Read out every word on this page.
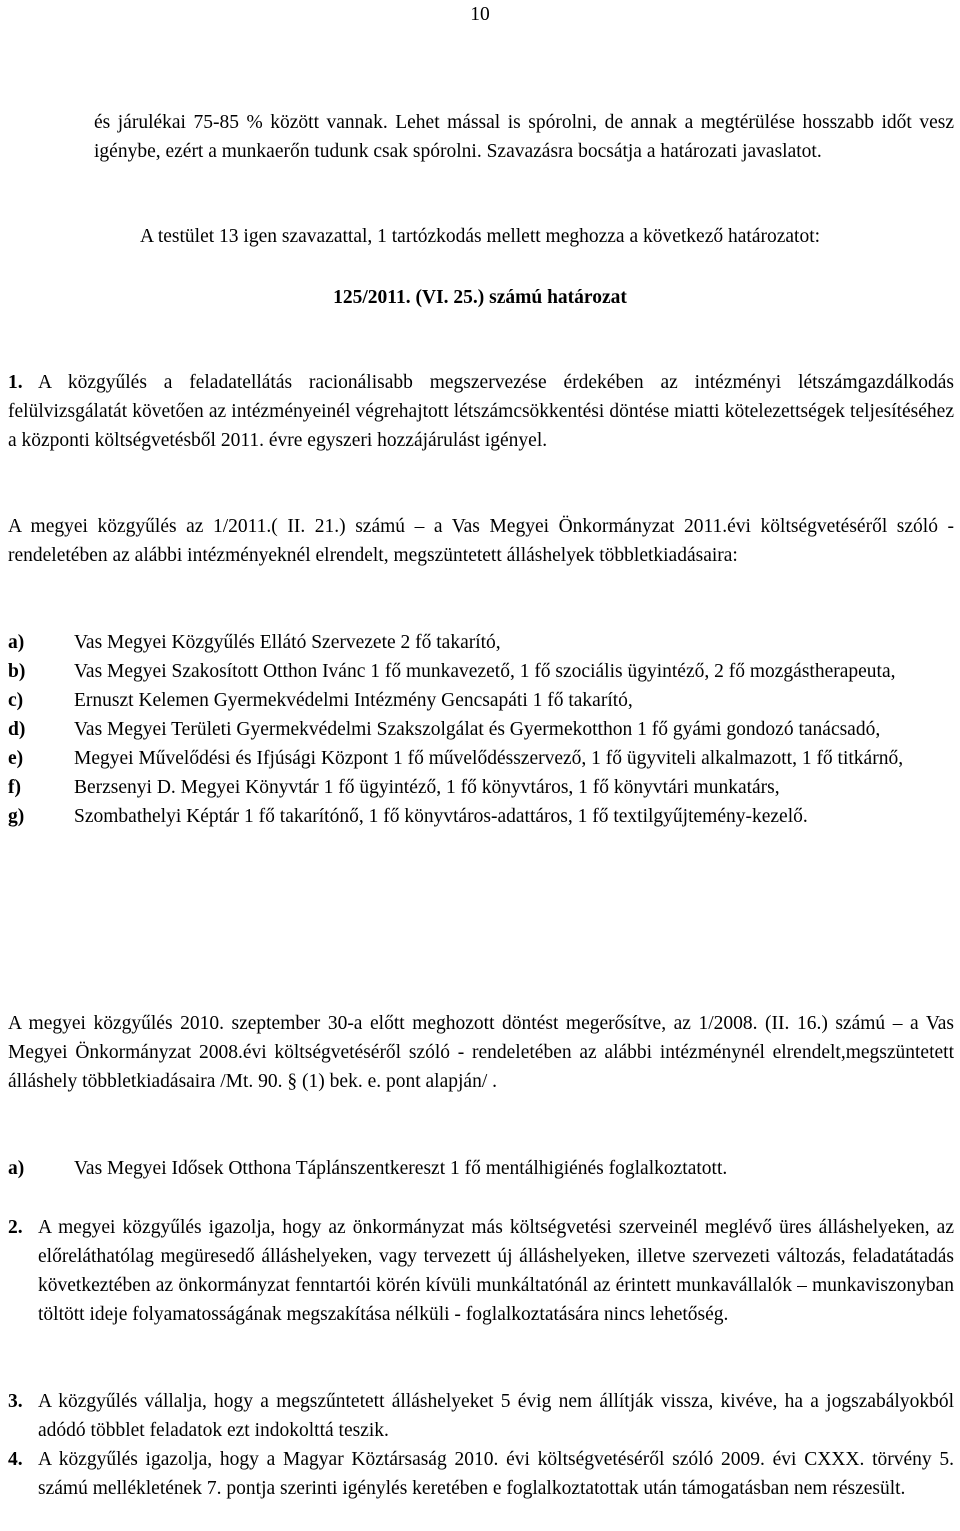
10

és járulékai 75-85 % között vannak. Lehet mással is spórolni, de annak a megtérülése hosszabb időt vesz igénybe, ezért a munkaerőn tudunk csak spórolni. Szavazásra bocsátja a határozati javaslatot.

A testület 13 igen szavazattal, 1 tartózkodás mellett meghozza a következő határozatot:
125/2011. (VI. 25.) számú határozat
1. A közgyűlés a feladatellátás racionálisabb megszervezése érdekében az intézményi létszámgazdálkodás felülvizsgálatát követően az intézményeinél végrehajtott létszámcsökkentési döntése miatti kötelezettségek teljesítéséhez a központi költségvetésből 2011. évre egyszeri hozzájárulást igényel.
A megyei közgyűlés az 1/2011.( II. 21.) számú – a Vas Megyei Önkormányzat 2011.évi költségvetéséről szóló - rendeletében az alábbi intézményeknél elrendelt, megszüntetett álláshelyek többletkiadásaira:
a)	Vas Megyei Közgyűlés Ellátó Szervezete 2 fő takarító,
b) Vas Megyei Szakosított Otthon Ivánc 1 fő munkavezető, 1 fő szociális ügyintéző, 2 fő mozgástherapeuta,
c)	Ernuszt Kelemen Gyermekvédelmi Intézmény Gencsapáti 1 fő takarító,
d) Vas Megyei Területi Gyermekvédelmi Szakszolgálat és Gyermekotthon 1 fő gyámi gondozó tanácsadó,
e)	Megyei Művelődési és Ifjúsági Központ 1 fő művelődésszervező, 1 fő ügyviteli alkalmazott, 1 fő titkárnő,
f)	Berzsenyi D. Megyei Könyvtár 1 fő ügyintéző, 1 fő könyvtáros, 1 fő könyvtári munkatárs,
g)	Szombathelyi Képtár 1 fő takarítónő, 1 fő könyvtáros-adattáros, 1 fő textilgyűjtemény-kezelő.
A megyei közgyűlés 2010. szeptember 30-a előtt meghozott döntést megerősítve, az 1/2008. (II. 16.) számú – a Vas Megyei Önkormányzat 2008.évi költségvetéséről szóló - rendeletében az alábbi intézménynél elrendelt,megszüntetett álláshely többletkiadásaira /Mt. 90. § (1) bek. e. pont alapján/ .
a)	Vas Megyei Idősek Otthona Táplánszentkereszt 1 fő mentálhigiénés foglalkoztatott.
2. A megyei közgyűlés igazolja, hogy az önkormányzat más költségvetési szerveinél meglévő üres álláshelyeken, az előreláthatólag megüresedő álláshelyeken, vagy tervezett új álláshelyeken, illetve szervezeti változás, feladatátadás következtében az önkormányzat fenntartói körén kívüli munkáltatónál az érintett munkavállalók – munkaviszonyban töltött ideje folyamatosságának megszakítása nélküli - foglalkoztatására nincs lehetőség.
3. A közgyűlés vállalja, hogy a megszűntetett álláshelyeket 5 évig nem állítják vissza, kivéve, ha a jogszabályokból adódó többlet feladatok ezt indokolttá teszik.
4. A közgyűlés igazolja, hogy a Magyar Köztársaság 2010. évi költségvetéséről szóló 2009. évi CXXX. törvény 5. számú mellékletének 7. pontja szerinti igénylés keretében e foglalkoztatottak után támogatásban nem részesült.
